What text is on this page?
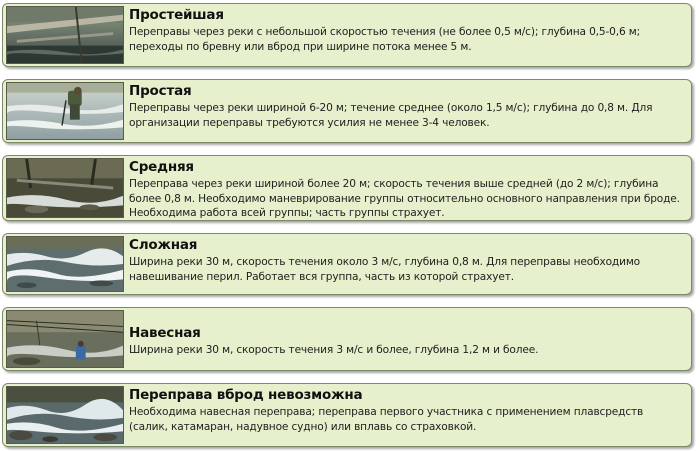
Простейшая

Переправы через реки с небольшой скоростью течения (не более 0,5 м/с); глубина 0,5-0,6 м; переходы по бревну или вброд при ширине потока менее 5 м.

Простая

Переправы через реки шириной 6-20 м; течение среднее (около 1,5 м/с); глубина до 0,8 м. Для организации переправы требуются усилия не менее 3-4 человек.

Средняя

Переправа через реки шириной более 20 м; скорость течения выше средней (до 2 м/с); глубина более 0,8 м. Необходимо маневрирование группы относительно основного направления при броде. Необходима работа всей группы; часть группы страхует.

Сложная

Ширина реки 30 м, скорость течения около 3 м/с, глубина 0,8 м. Для переправы необходимо навешивание перил. Работает вся группа, часть из которой страхует.

Навесная

Ширина реки 30 м, скорость течения 3 м/с и более, глубина 1,2 м и более.

Переправа вброд невозможна

Необходима навесная переправа; переправа первого участника с применением плавсредств (салик, катамаран, надувное судно) или вплавь со страховкой.
